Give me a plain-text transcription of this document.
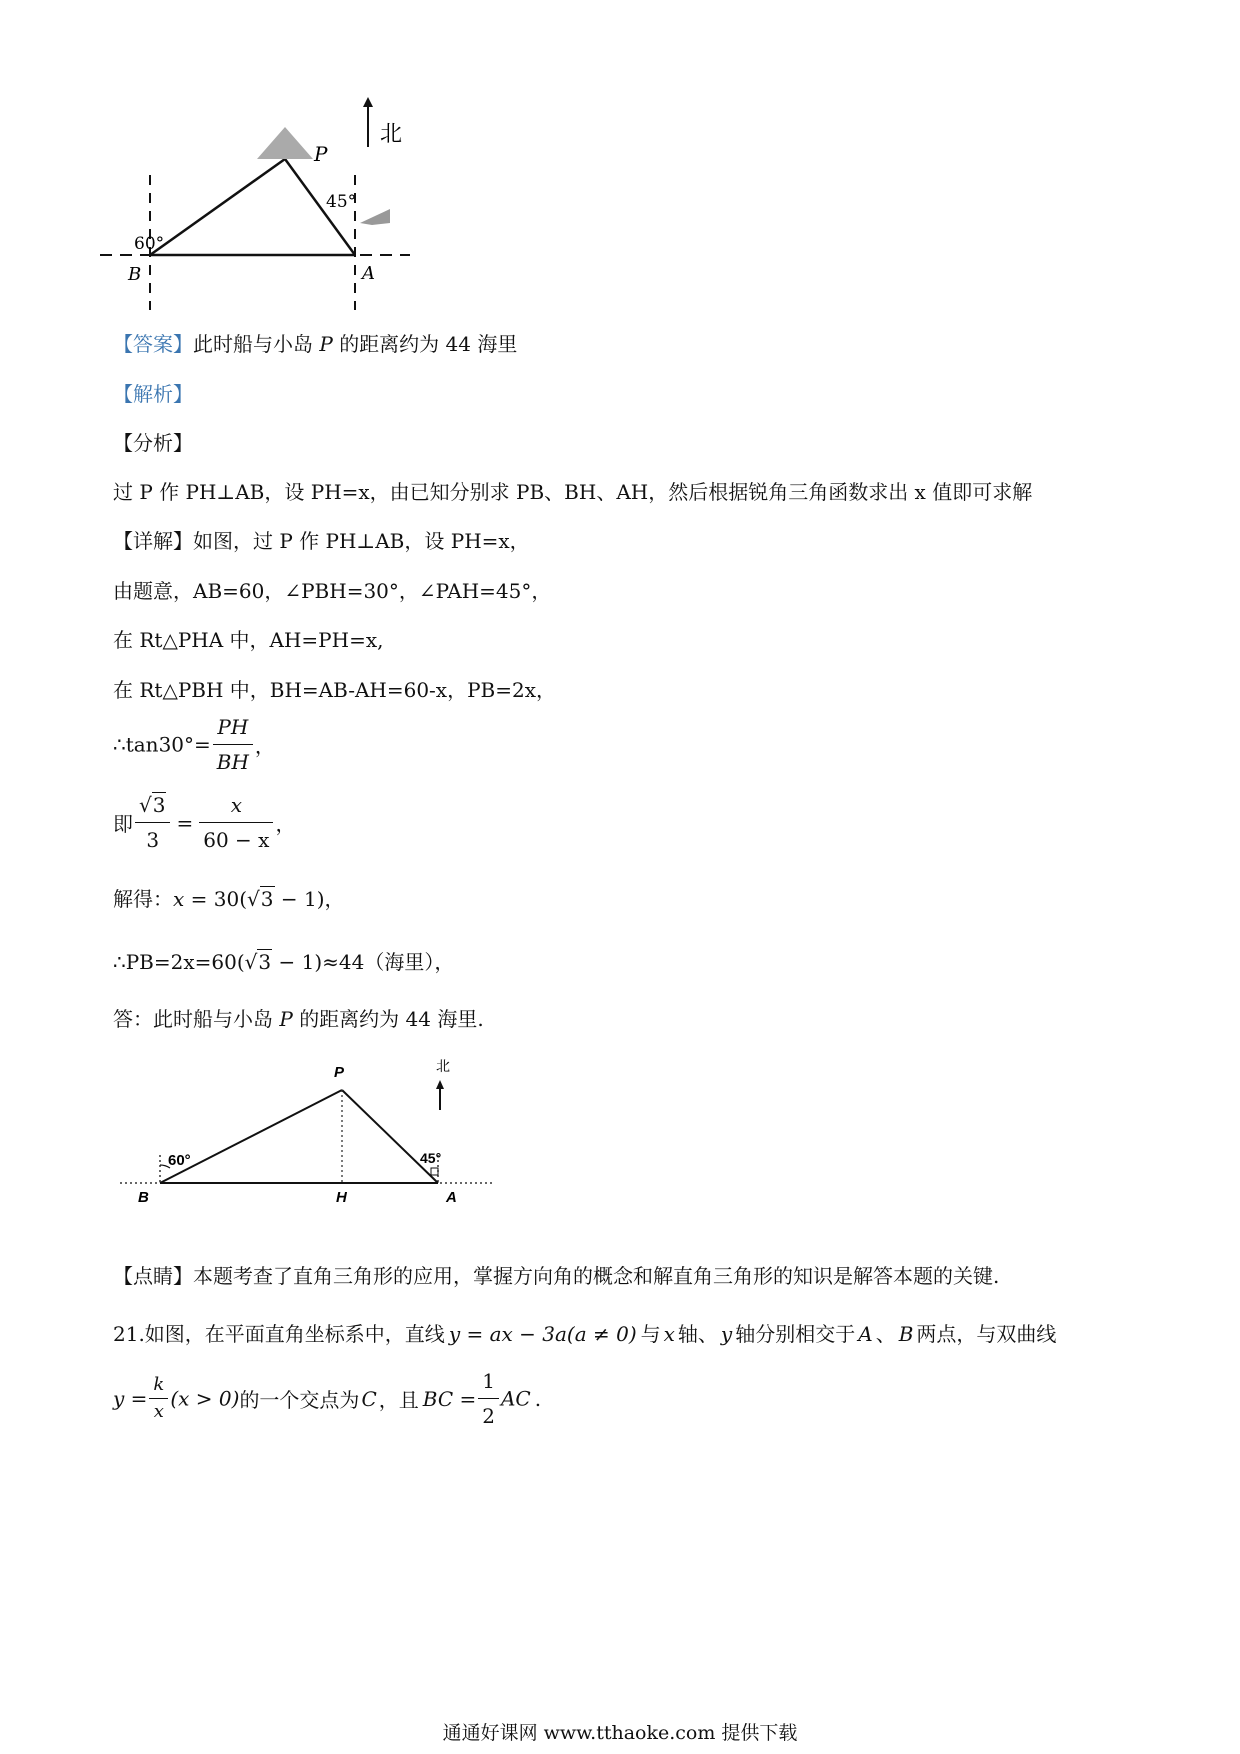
北
P
60°
45°
B	A
【答案】此时船与小岛 P 的距离约为 44 海里
【解析】
【分析】
过 P 作 PH⊥AB，设 PH=x，由已知分别求 PB、BH、AH，然后根据锐角三角函数求出 x 值即可求解
【详解】如图，过 P 作 PH⊥AB，设 PH=x，
由题意，AB=60，∠PBH=30°，∠PAH=45°，
在 Rt△PHA 中，AH=PH=x,
在 Rt△PBH 中，BH=AB-AH=60-x，PB=2x，
∴tan30°= $\frac{PH}{BH}$ ，
即 $\frac{√3}{3} = \frac{x}{60 - x}$ ，
解得：x = 30(√3 − 1)，
∴PB=2x=60(√3 − 1)≈44（海里），
答：此时船与小岛 P 的距离约为 44 海里.
北
P
60°	45°
B	H	A
【点睛】本题考查了直角三角形的应用，掌握方向角的概念和解直角三角形的知识是解答本题的关键.
21.如图，在平面直角坐标系中，直线 y = ax − 3a(a ≠ 0) 与 x 轴、 y 轴分别相交于 A 、 B 两点，与双曲线
$y = \frac{k}{x} (x > 0)$的一个交点为 C ，且 BC = $\frac{1}{2}$ AC .
通通好课网 www.tthaoke.com 提供下载
